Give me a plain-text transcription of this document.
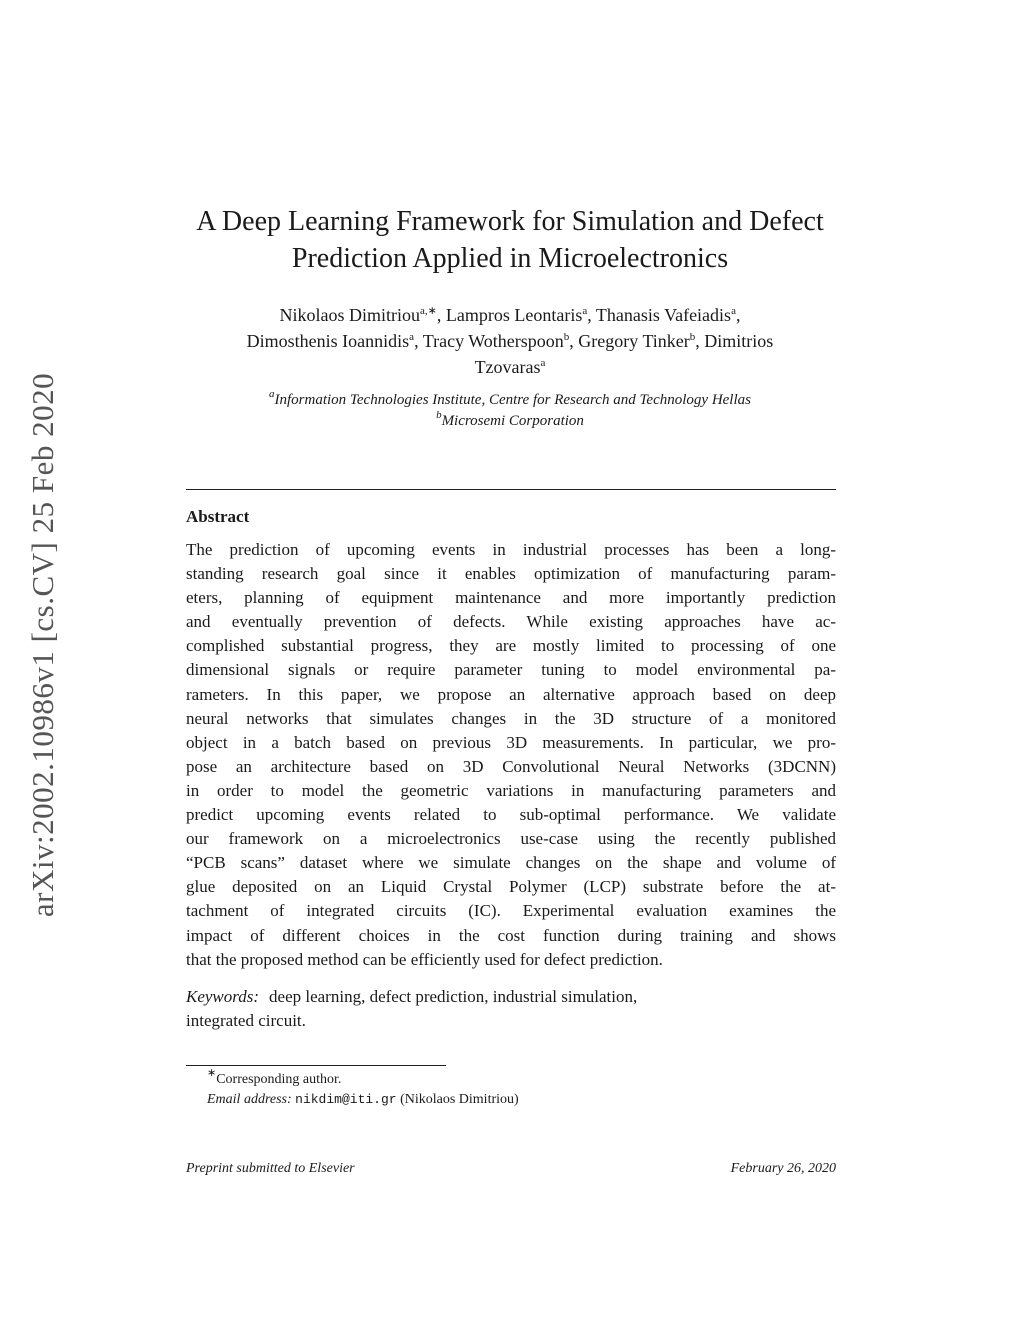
arXiv:2002.10986v1 [cs.CV] 25 Feb 2020
A Deep Learning Framework for Simulation and Defect
Prediction Applied in Microelectronics
Nikolaos Dimitriou$^{a,∗}$, Lampros Leontaris$^a$, Thanasis Vafeiadis$^a$,
Dimosthenis Ioannidis$^a$, Tracy Wotherspoon$^b$, Gregory Tinker$^b$, Dimitrios
Tzovaras$^a$
$^a$Information Technologies Institute, Centre for Research and Technology Hellas
$^b$Microsemi Corporation
Abstract
The prediction of upcoming events in industrial processes has been a long-
standing research goal since it enables optimization of manufacturing param-
eters, planning of equipment maintenance and more importantly prediction
and eventually prevention of defects. While existing approaches have ac-
complished substantial progress, they are mostly limited to processing of one
dimensional signals or require parameter tuning to model environmental pa-
rameters. In this paper, we propose an alternative approach based on deep
neural networks that simulates changes in the 3D structure of a monitored
object in a batch based on previous 3D measurements. In particular, we pro-
pose an architecture based on 3D Convolutional Neural Networks (3DCNN)
in order to model the geometric variations in manufacturing parameters and
predict upcoming events related to sub-optimal performance. We validate
our framework on a microelectronics use-case using the recently published
“PCB scans” dataset where we simulate changes on the shape and volume of
glue deposited on an Liquid Crystal Polymer (LCP) substrate before the at-
tachment of integrated circuits (IC). Experimental evaluation examines the
impact of different choices in the cost function during training and shows
that the proposed method can be efficiently used for defect prediction.
Keywords: deep learning, defect prediction, industrial simulation,
integrated circuit.
∗Corresponding author.
Email address: nikdim@iti.gr (Nikolaos Dimitriou)
Preprint submitted to Elsevier	February 26, 2020
